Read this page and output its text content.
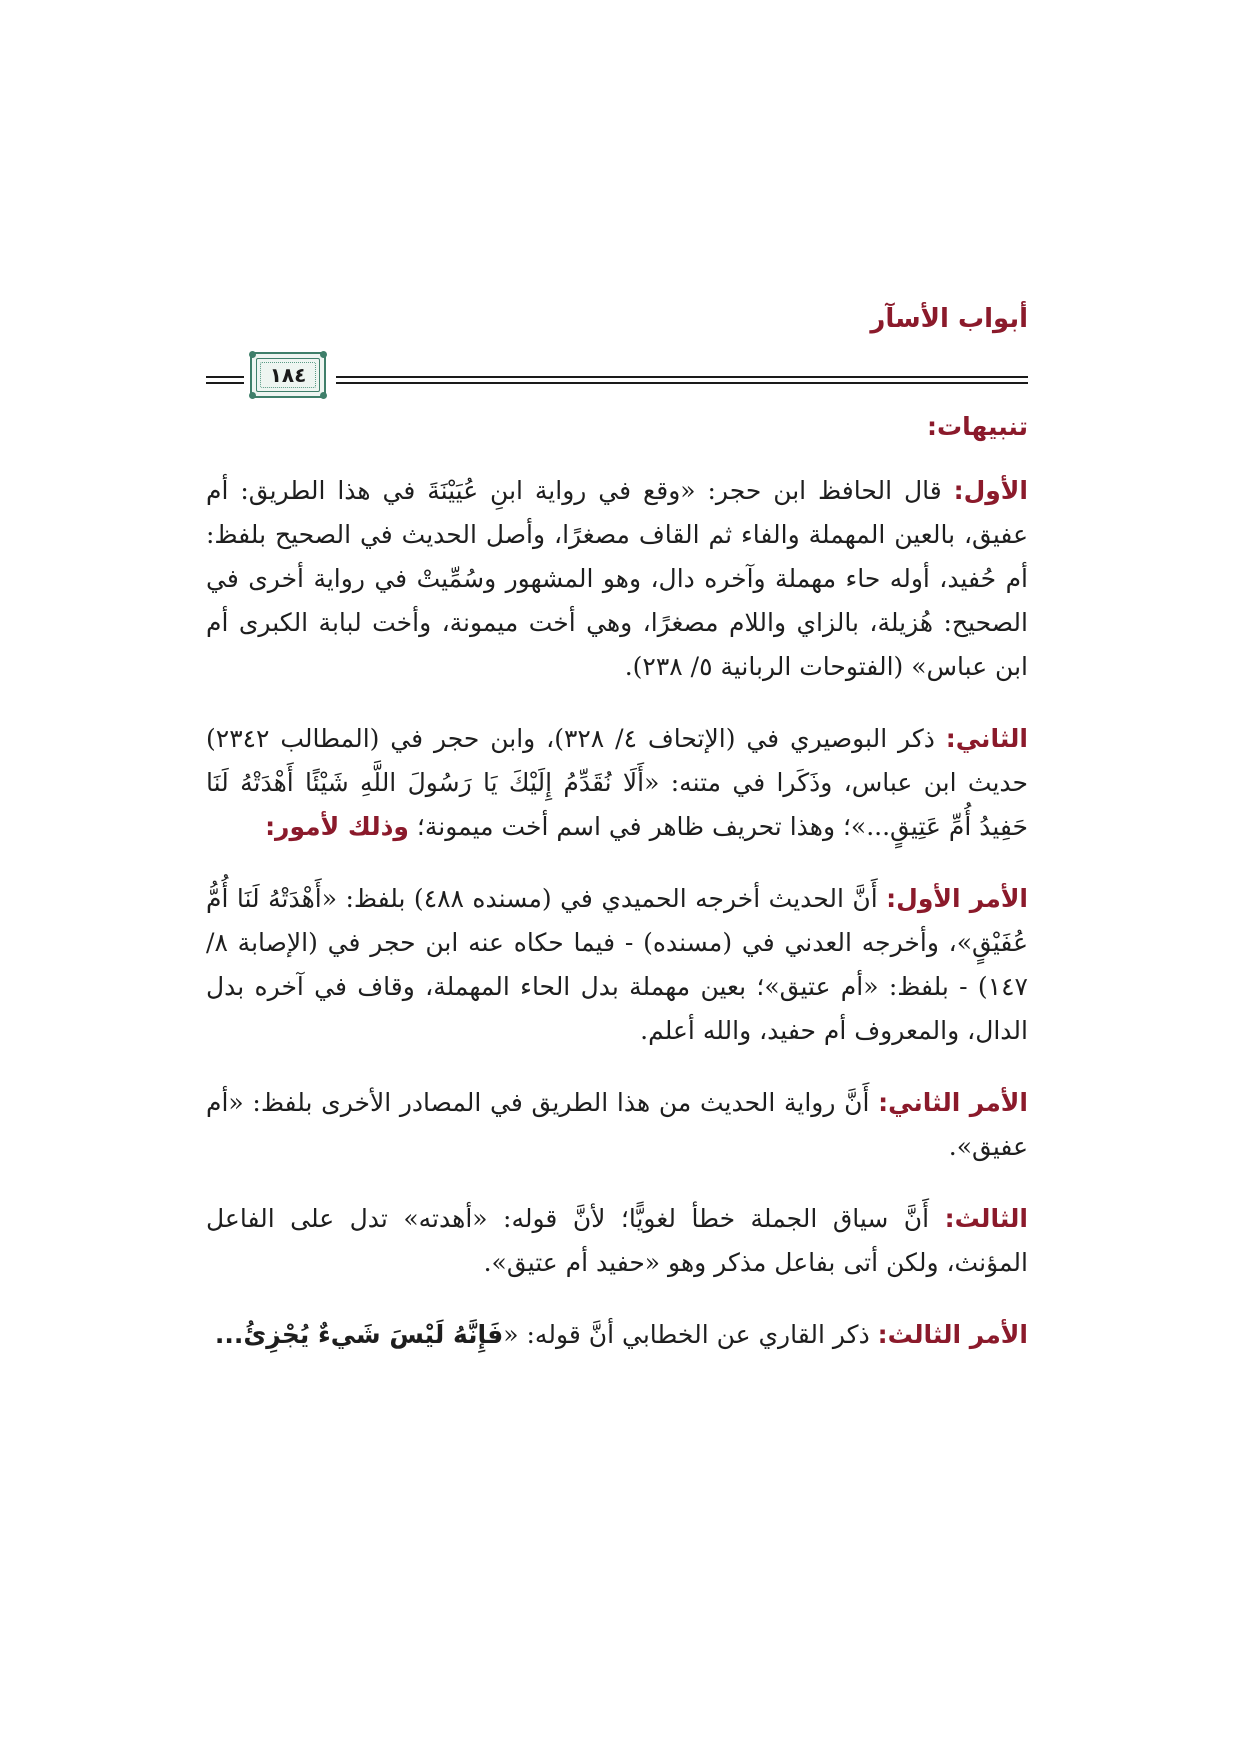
أبواب الأسآر
١٨٤
تنبيهات:

الأول: قال الحافظ ابن حجر: «وقع في رواية ابنِ عُيَيْنَةَ في هذا الطريق: أم عفيق، بالعين المهملة والفاء ثم القاف مصغرًا، وأصل الحديث في الصحيح بلفظ: أم حُفيد، أوله حاء مهملة وآخره دال، وهو المشهور وسُمِّيتْ في رواية أخرى في الصحيح: هُزيلة، بالزاي واللام مصغرًا، وهي أخت ميمونة، وأخت لبابة الكبرى أم ابن عباس» (الفتوحات الربانية ٥/ ٢٣٨).

الثاني: ذكر البوصيري في (الإتحاف ٤/ ٣٢٨)، وابن حجر في (المطالب ٢٣٤٢) حديث ابن عباس، وذَكَرا في متنه: «أَلَا نُقَدِّمُ إِلَيْكَ يَا رَسُولَ اللَّهِ شَيْئًا أَهْدَتْهُ لَنَا حَفِيدُ أُمِّ عَتِيقٍ...»؛ وهذا تحريف ظاهر في اسم أخت ميمونة؛ وذلك لأمور:

الأمر الأول: أَنَّ الحديث أخرجه الحميدي في (مسنده ٤٨٨) بلفظ: «أَهْدَتْهُ لَنَا أُمُّ عُفَيْقٍ»، وأخرجه العدني في (مسنده) - فيما حكاه عنه ابن حجر في (الإصابة ٨/ ١٤٧) - بلفظ: «أم عتيق»؛ بعين مهملة بدل الحاء المهملة، وقاف في آخره بدل الدال، والمعروف أم حفيد، والله أعلم.

الأمر الثاني: أَنَّ رواية الحديث من هذا الطريق في المصادر الأخرى بلفظ: «أم عفيق».

الثالث: أَنَّ سياق الجملة خطأ لغويًّا؛ لأنَّ قوله: «أهدته» تدل على الفاعل المؤنث، ولكن أتى بفاعل مذكر وهو «حفيد أم عتيق».

الأمر الثالث: ذكر القاري عن الخطابي أنَّ قوله: «فَإِنَّهُ لَيْسَ شَيءٌ يُجْزِئُ...
